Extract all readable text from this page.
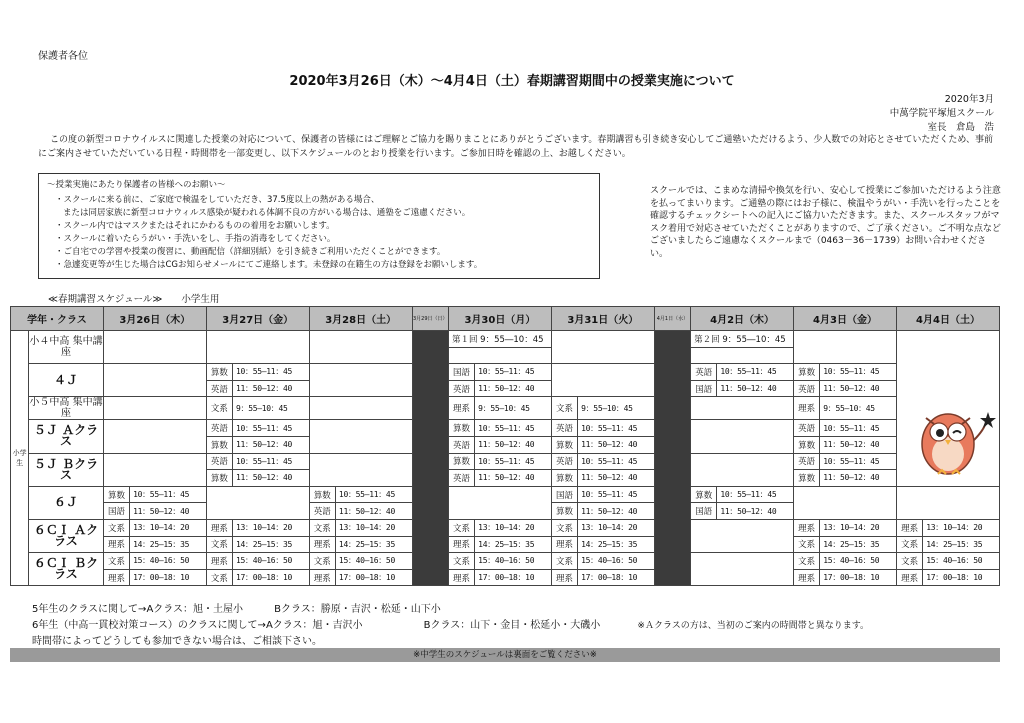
保護者各位
2020年3月26日（木）～4月4日（土）春期講習期間中の授業実施について
2020年3月
中萬学院平塚旭スクール
室長　倉島　浩
この度の新型コロナウイルスに関連した授業の対応について、保護者の皆様にはご理解とご協力を賜りまことにありがとうございます。春期講習も引き続き安心してご通塾いただけるよう、少人数での対応とさせていただくため、事前にご案内させていただいている日程・時間帯を一部変更し、以下スケジュールのとおり授業を行います。ご参加日時を確認の上、お越しください。
～授業実施にあたり保護者の皆様へのお願い～
・スクールに来る前に、ご家庭で検温をしていただき、37.5度以上の熱がある場合、
または同居家族に新型コロナウィルス感染が疑われる体調不良の方がいる場合は、通塾をご遠慮ください。
・スクール内ではマスクまたはそれにかわるものの着用をお願いします。
・スクールに着いたらうがい・手洗いをし、手指の消毒をしてください。
・ご自宅での学習や授業の復習に、動画配信（詳細別紙）を引き続きご利用いただくことができます。
・急遽変更等が生じた場合はCGお知らせメールにてご連絡します。未登録の在籍生の方は登録をお願いします。
スクールでは、こまめな清掃や換気を行い、安心して授業にご参加いただけるよう注意を払ってまいります。ご通塾の際にはお子様に、検温やうがい・手洗いを行ったことを確認するチェックシートへの記入にご協力いただきます。また、スクールスタッフがマスク着用で対応させていただくことがありますので、ご了承ください。ご不明な点などございましたらご遠慮なくスクールまで（0463－36－1739）お問い合わせください。
≪春期講習スケジュール≫ 小学生用
学年・クラス		3月26日（木）		3月27日（金）		3月28日（土）		3月29日（日）	3月30日（月）		3月31日（火）		4月1日（水）	4月2日（木）		4月3日（金）		4月4日（土）	
小学生	小４中高 集中講座								第１回 9：55―10：45					第２回 9：55―10：45					

	４Ｊ			算数	10：55―11：45				国語	10：55―11：45				英語	10：55―11：45	算数	10：55―11：45		
				英語	11：50―12：40				英語	11：50―12：40				国語	11：50―12：40	英語	11：50―12：40		
	小５中高 集中講座			文系	9：55―10：45				理系	9：55―10：45	文系	9：55―10：45				理系	9：55―10：45		

	５Ｊ Ａクラス			英語	10：55―11：45				算数	10：55―11：45	英語	10：55―11：45				英語	10：55―11：45		
				算数	11：50―12：40				英語	11：50―12：40	算数	11：50―12：40				算数	11：50―12：40		
	５Ｊ Ｂクラス			英語	10：55―11：45				算数	10：55―11：45	英語	10：55―11：45				英語	10：55―11：45		
				算数	11：50―12：40				英語	11：50―12：40	算数	11：50―12：40				算数	11：50―12：40		
	６Ｊ	算数	10：55―11：45			算数	10：55―11：45				国語	10：55―11：45		算数	10：55―11：45				
		国語	11：50―12：40			英語	11：50―12：40				算数	11：50―12：40		国語	11：50―12：40				
	６ＣＩ Ａクラス	文系	13：10―14：20	理系	13：10―14：20	文系	13：10―14：20		文系	13：10―14：20	文系	13：10―14：20				理系	13：10―14：20	理系	13：10―14：20
		理系	14：25―15：35	文系	14：25―15：35	理系	14：25―15：35		理系	14：25―15：35	理系	14：25―15：35				文系	14：25―15：35	文系	14：25―15：35
	６ＣＩ Ｂクラス	文系	15：40―16：50	理系	15：40―16：50	文系	15：40―16：50		文系	15：40―16：50	文系	15：40―16：50				文系	15：40―16：50	文系	15：40―16：50
		理系	17：00―18：10	文系	17：00―18：10	理系	17：00―18：10		理系	17：00―18：10	理系	17：00―18：10				理系	17：00―18：10	理系	17：00―18：10
5年生のクラスに関して→Aクラス：旭・土屋小	Bクラス：勝原・吉沢・松延・山下小
6年生（中高一貫校対策コース）のクラスに関して→Aクラス：旭・吉沢小	Bクラス：山下・金目・松延小・大磯小	※Ａクラスの方は、当初のご案内の時間帯と異なります。
時間帯によってどうしても参加できない場合は、ご相談下さい。
※中学生のスケジュールは裏面をご覧ください※
